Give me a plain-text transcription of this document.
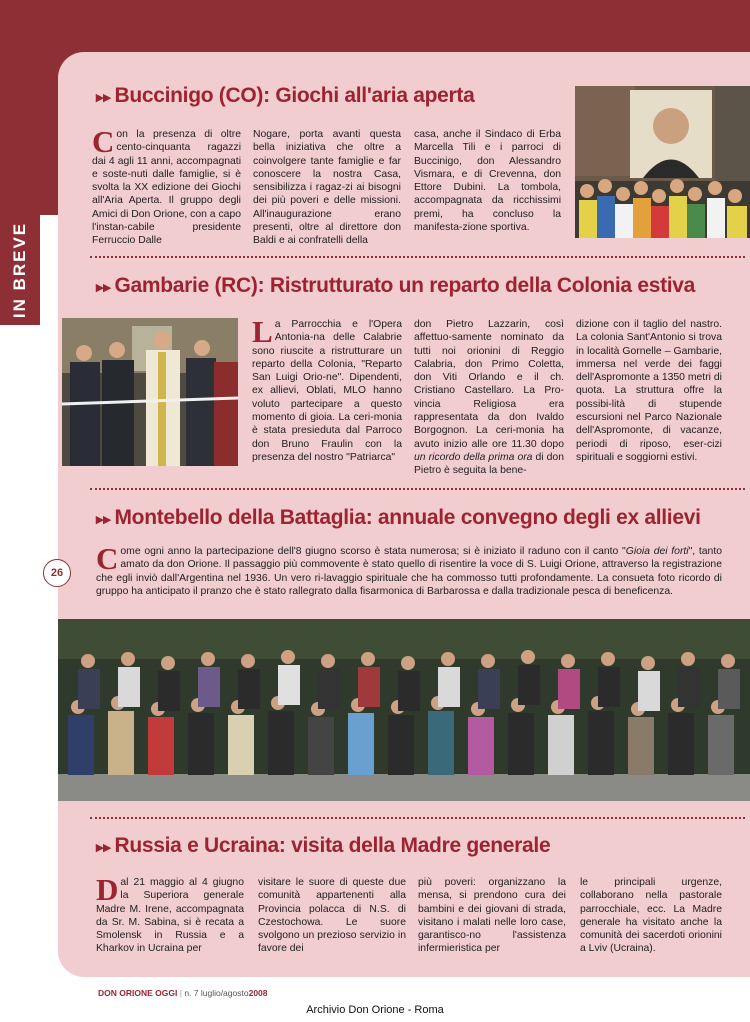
IN BREVE
26
▸▸ Buccinigo (CO): Giochi all'aria aperta
Con la presenza di oltre cento-cinquanta ragazzi dai 4 agli 11 anni, accompagnati e soste-nuti dalle famiglie, si è svolta la XX edizione dei Giochi all'Aria Aperta. Il gruppo degli Amici di Don Orione, con a capo l'instan-cabile presidente Ferruccio Dalle
Nogare, porta avanti questa bella iniziativa che oltre a coinvolgere tante famiglie e far conoscere la nostra Casa, sensibilizza i ragaz-zi ai bisogni dei più poveri e delle missioni. All'inaugurazione erano presenti, oltre al direttore don Baldi e ai confratelli della
casa, anche il Sindaco di Erba Marcella Tili e i parroci di Buccinigo, don Alessandro Vismara, e di Crevenna, don Ettore Dubini. La tombola, accompagnata da ricchissimi premi, ha concluso la manifesta-zione sportiva.
▸▸ Gambarie (RC): Ristrutturato un reparto della Colonia estiva
La Parrocchia e l'Opera Antonia-na delle Calabrie sono riuscite a ristrutturare un reparto della Colonia, "Reparto San Luigi Orio-ne". Dipendenti, ex allievi, Oblati, MLO hanno voluto partecipare a questo momento di gioia. La ceri-monia è stata presieduta dal Parroco don Bruno Fraulin con la presenza del nostro "Patriarca"
don Pietro Lazzarin, così affettuo-samente nominato da tutti noi orionini di Reggio Calabria, don Primo Coletta, don Viti Orlando e il ch. Cristiano Castellaro. La Pro-vincia Religiosa era rappresentata da don Ivaldo Borgognon. La ceri-monia ha avuto inizio alle ore 11.30 dopo un ricordo della prima ora di don Pietro è seguita la bene-
dizione con il taglio del nastro. La colonia Sant'Antonio si trova in località Gornelle – Gambarie, immersa nel verde dei faggi dell'Aspromonte a 1350 metri di quota. La struttura offre la possibi-lità di stupende escursioni nel Parco Nazionale dell'Aspromonte, di vacanze, periodi di riposo, eser-cizi spirituali e soggiorni estivi.
▸▸ Montebello della Battaglia: annuale convegno degli ex allievi
Come ogni anno la partecipazione dell'8 giugno scorso è stata numerosa; si è iniziato il raduno con il canto "Gioia dei forti", tanto amato da don Orione. Il passaggio più commovente è stato quello di risentire la voce di S. Luigi Orione, attraverso la registrazione che egli inviò dall'Argentina nel 1936. Un vero ri-lavaggio spirituale che ha commosso tutti profondamente. La consueta foto ricordo di gruppo ha anticipato il pranzo che è stato rallegrato dalla fisarmonica di Barbarossa e dalla tradizionale pesca di beneficenza.
▸▸ Russia e Ucraina: visita della Madre generale
Dal 21 maggio al 4 giugno la Superiora generale Madre M. Irene, accompagnata da Sr. M. Sabina, si è recata a Smolensk in Russia e a Kharkov in Ucraina per
visitare le suore di queste due comunità appartenenti alla Provincia polacca di N.S. di Czestochowa. Le suore svolgono un prezioso servizio in favore dei
più poveri: organizzano la mensa, si prendono cura dei bambini e dei giovani di strada, visitano i malati nelle loro case, garantisco-no l'assistenza infermieristica per
le principali urgenze, collaborano nella pastorale parrocchiale, ecc. La Madre generale ha visitato anche la comunità dei sacerdoti orionini a Lviv (Ucraina).
DON ORIONE OGGI | n. 7 luglio/agosto2008
Archivio Don Orione - Roma
